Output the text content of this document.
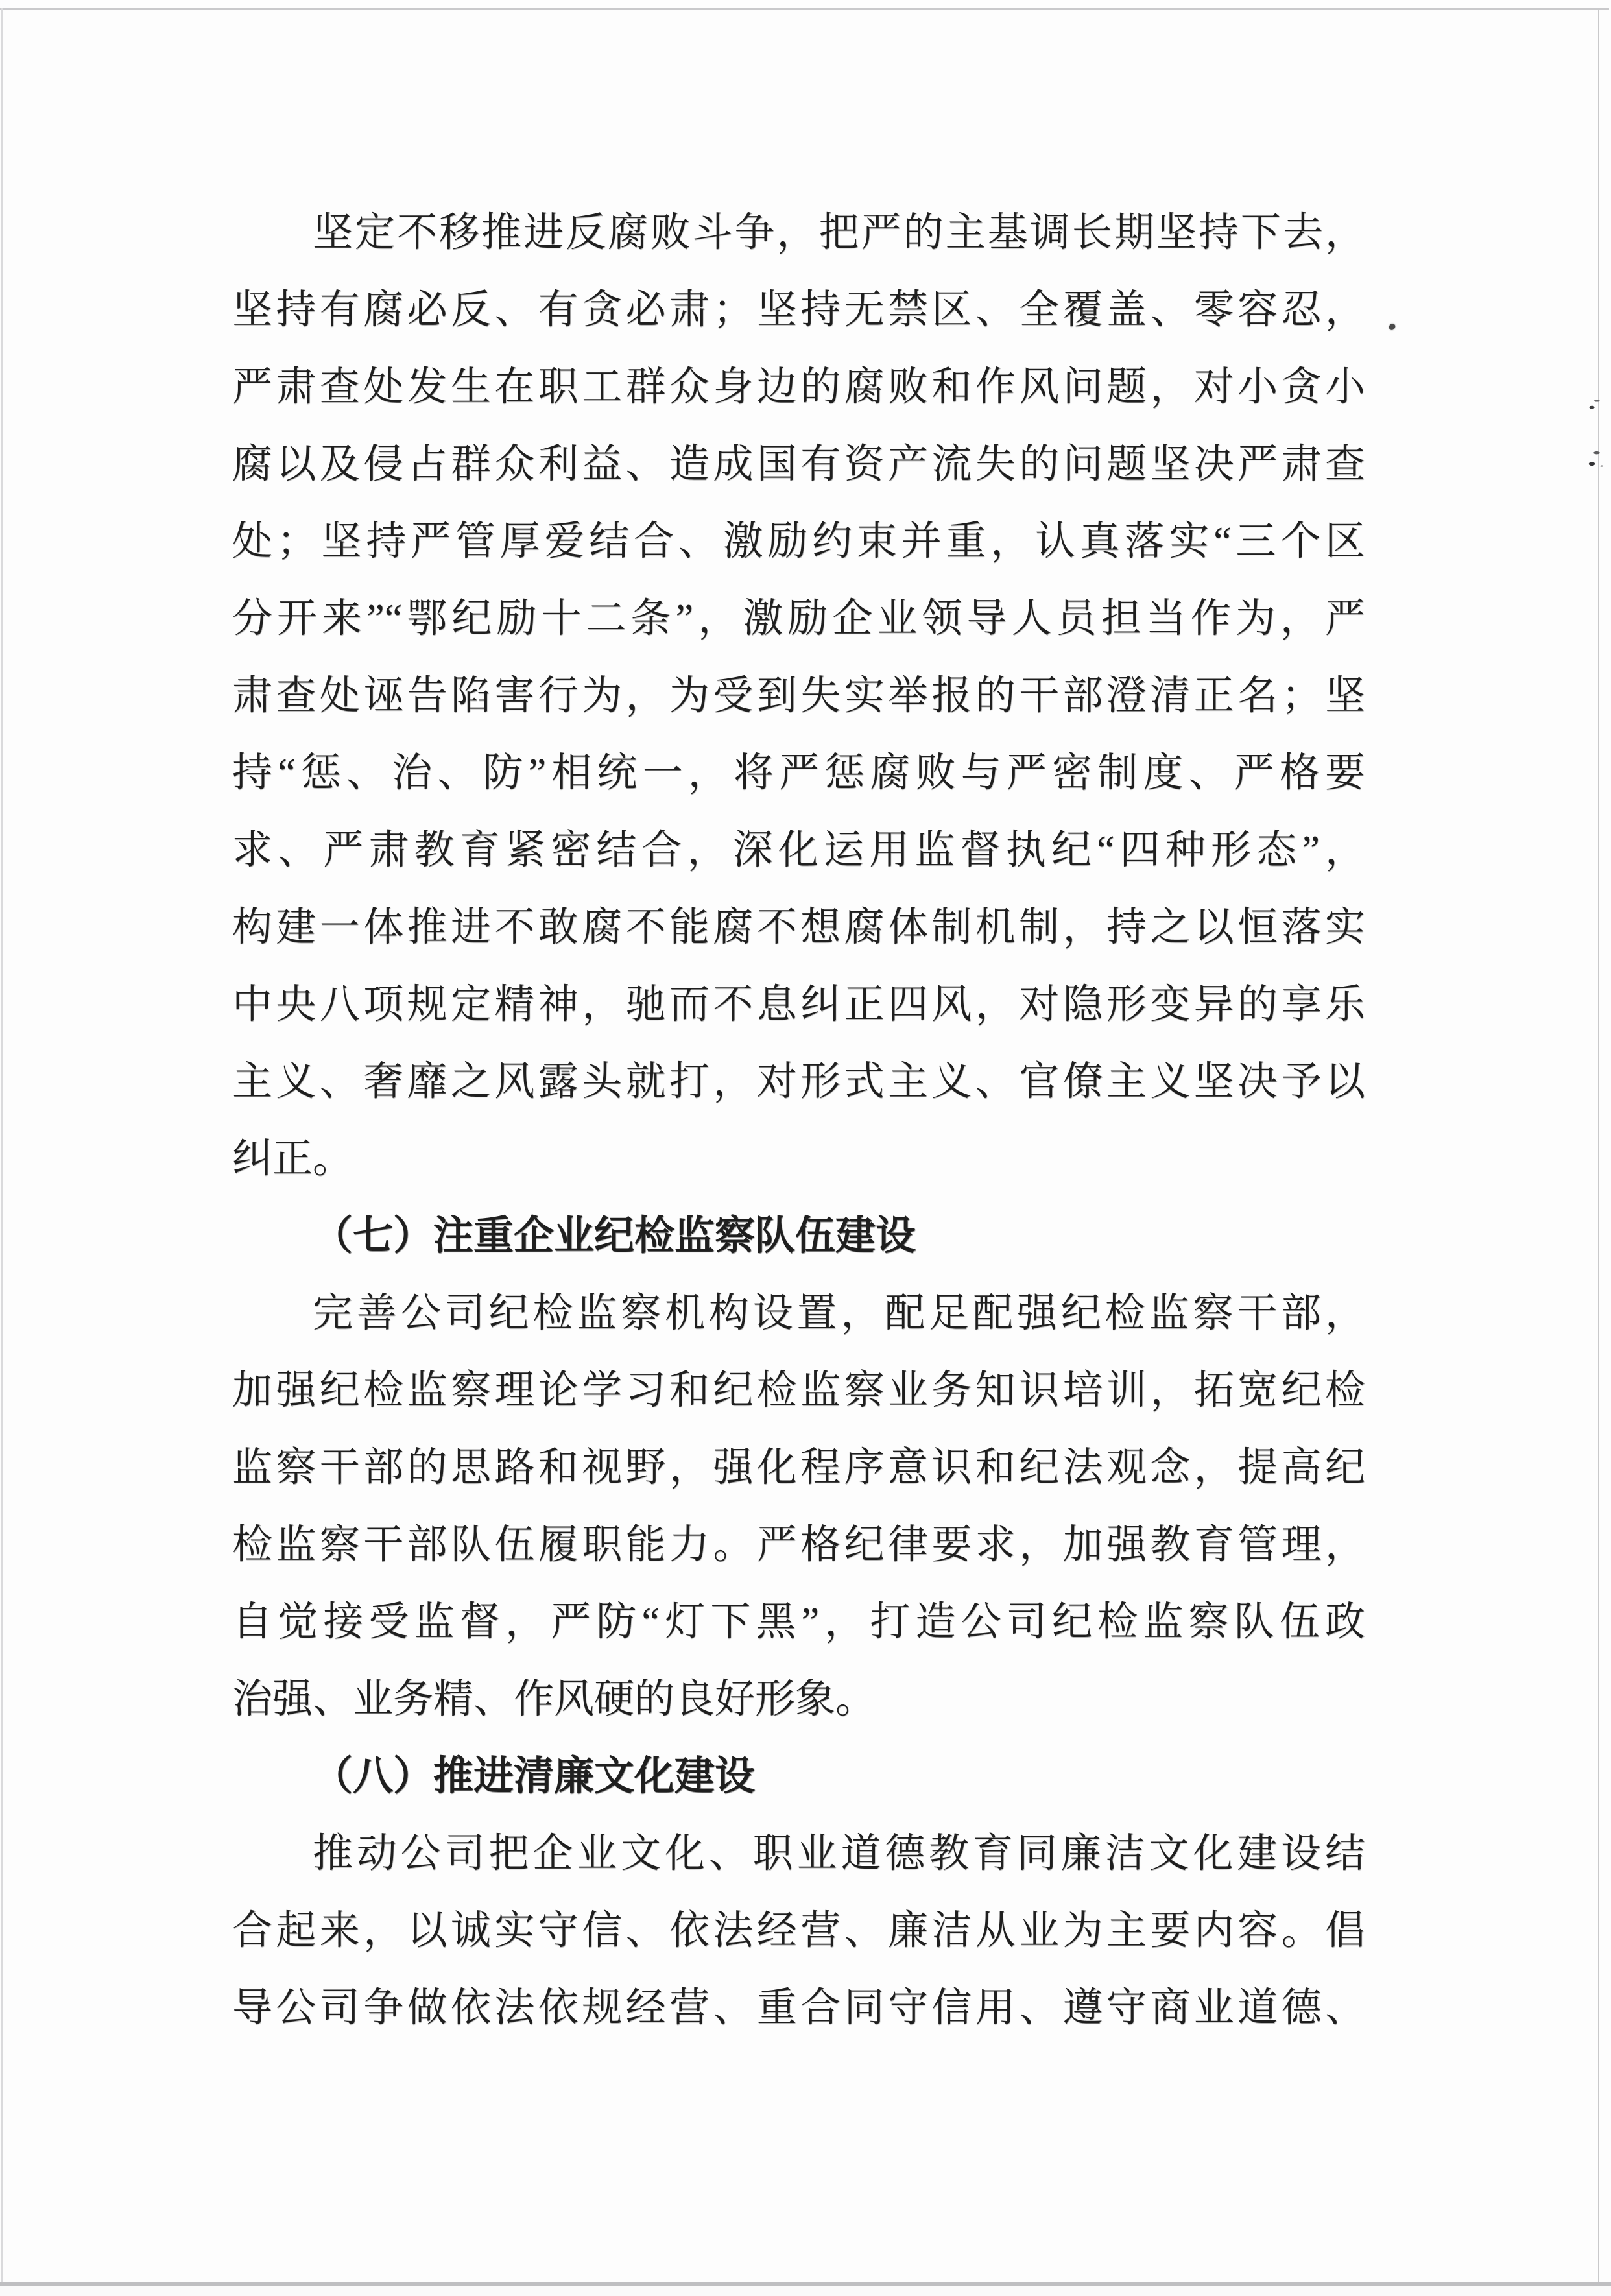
坚定不移推进反腐败斗争，把严的主基调长期坚持下去，
坚持有腐必反、有贪必肃；坚持无禁区、全覆盖、零容忍，
严肃查处发生在职工群众身边的腐败和作风问题，对小贪小
腐以及侵占群众利益、造成国有资产流失的问题坚决严肃查
处；坚持严管厚爱结合、激励约束并重，认真落实“三个区
分开来”“鄂纪励十二条”，激励企业领导人员担当作为，严
肃查处诬告陷害行为，为受到失实举报的干部澄清正名；坚
持“惩、治、防”相统一，将严惩腐败与严密制度、严格要
求、严肃教育紧密结合，深化运用监督执纪“四种形态”，
构建一体推进不敢腐不能腐不想腐体制机制，持之以恒落实
中央八项规定精神，驰而不息纠正四风，对隐形变异的享乐
主义、奢靡之风露头就打，对形式主义、官僚主义坚决予以
纠正。
（七）注重企业纪检监察队伍建设
完善公司纪检监察机构设置，配足配强纪检监察干部，
加强纪检监察理论学习和纪检监察业务知识培训，拓宽纪检
监察干部的思路和视野，强化程序意识和纪法观念，提高纪
检监察干部队伍履职能力。严格纪律要求，加强教育管理，
自觉接受监督，严防“灯下黑”，打造公司纪检监察队伍政
治强、业务精、作风硬的良好形象。
（八）推进清廉文化建设
推动公司把企业文化、职业道德教育同廉洁文化建设结
合起来，以诚实守信、依法经营、廉洁从业为主要内容。倡
导公司争做依法依规经营、重合同守信用、遵守商业道德、
